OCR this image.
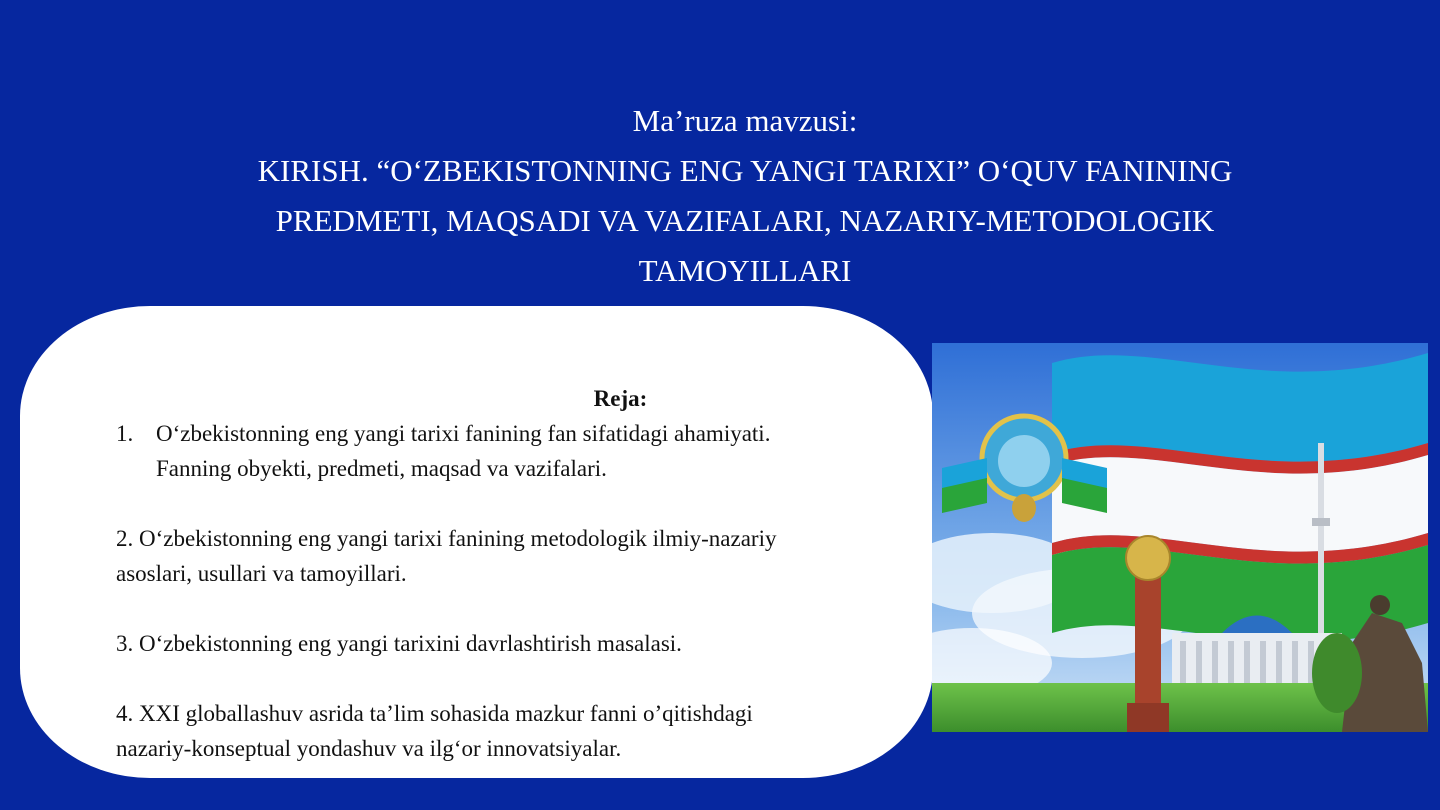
Ma’ruza mavzusi:
KIRISH. “O‘ZBEKISTONNING ENG YANGI TARIXI” O‘QUV FANINING
PREDMETI, MAQSADI VA VAZIFALARI, NAZARIY-METODOLOGIK
TAMOYILLARI
Reja:
1. O‘zbekistonning eng yangi tarixi fanining fan sifatidagi ahamiyati.
Fanning obyekti, predmeti, maqsad va vazifalari.
2. O‘zbekistonning eng yangi tarixi fanining metodologik ilmiy-nazariy
asoslari, usullari va tamoyillari.
3. O‘zbekistonning eng yangi tarixini davrlashtirish masalasi.
4. XXI globallashuv asrida ta’lim sohasida mazkur fanni o’qitishdagi
nazariy-konseptual yondashuv va ilg‘or innovatsiyalar.
